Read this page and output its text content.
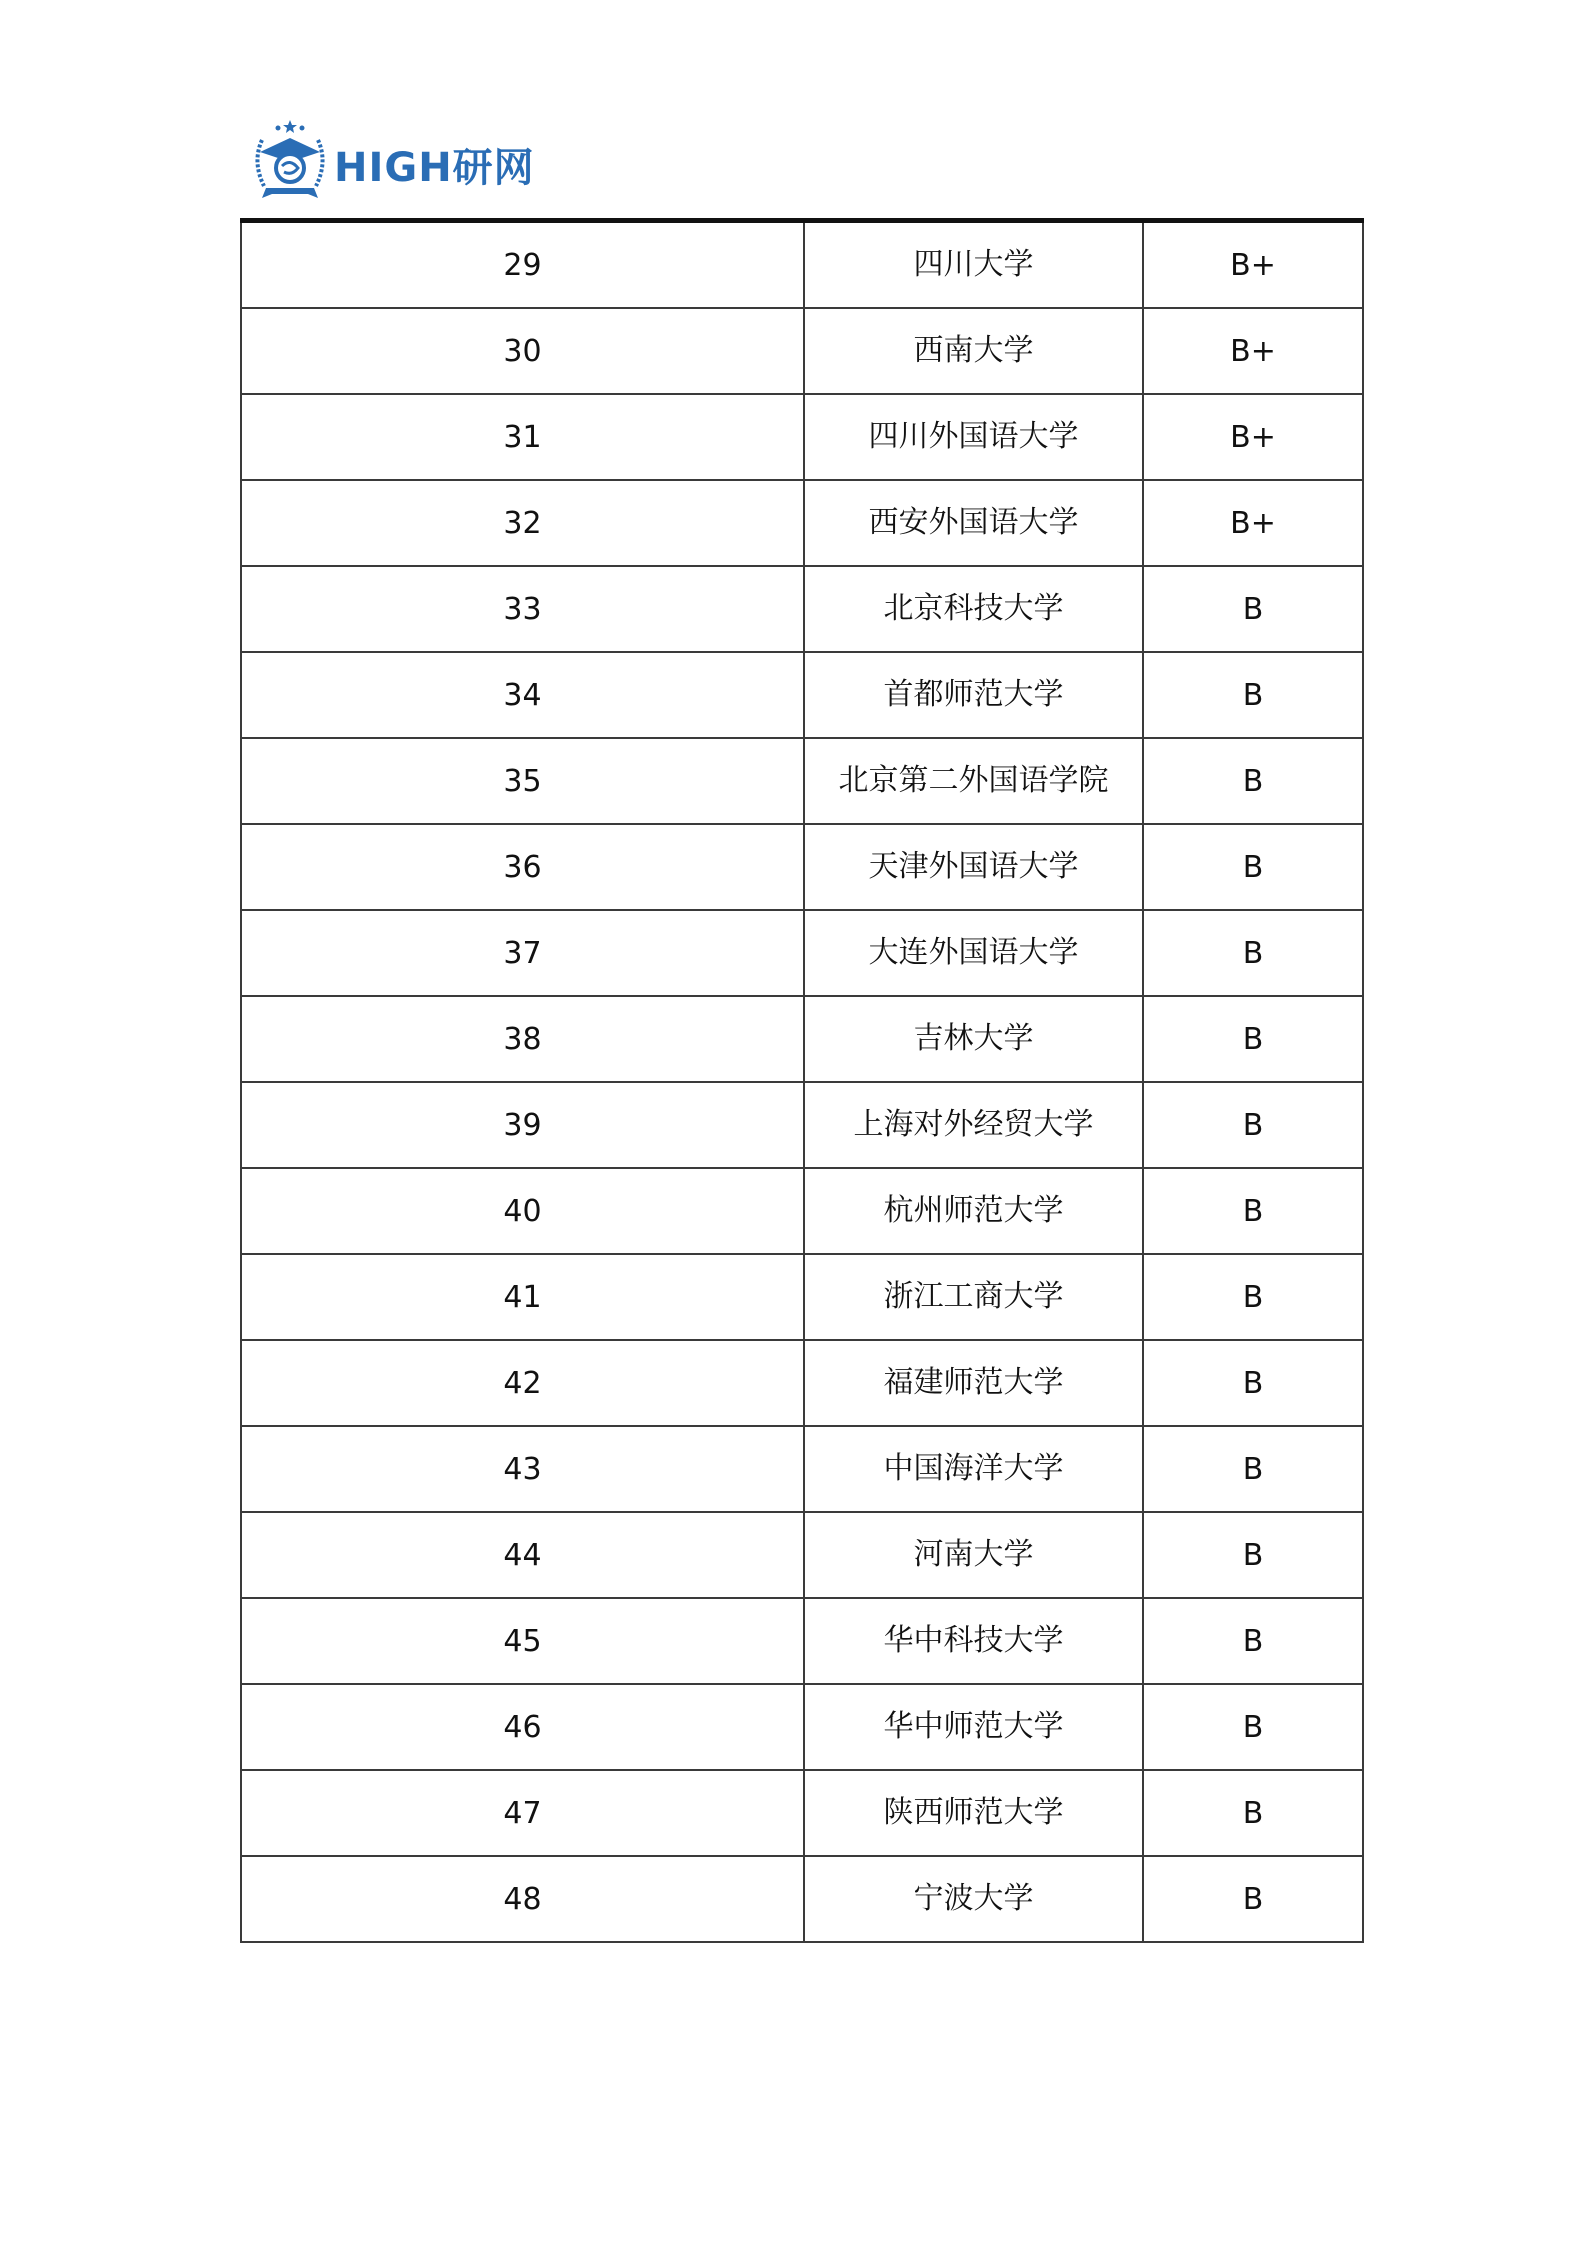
HIGH研网
29	四川大学	B+
30	西南大学	B+
31	四川外国语大学	B+
32	西安外国语大学	B+
33	北京科技大学	B
34	首都师范大学	B
35	北京第二外国语学院	B
36	天津外国语大学	B
37	大连外国语大学	B
38	吉林大学	B
39	上海对外经贸大学	B
40	杭州师范大学	B
41	浙江工商大学	B
42	福建师范大学	B
43	中国海洋大学	B
44	河南大学	B
45	华中科技大学	B
46	华中师范大学	B
47	陕西师范大学	B
48	宁波大学	B
